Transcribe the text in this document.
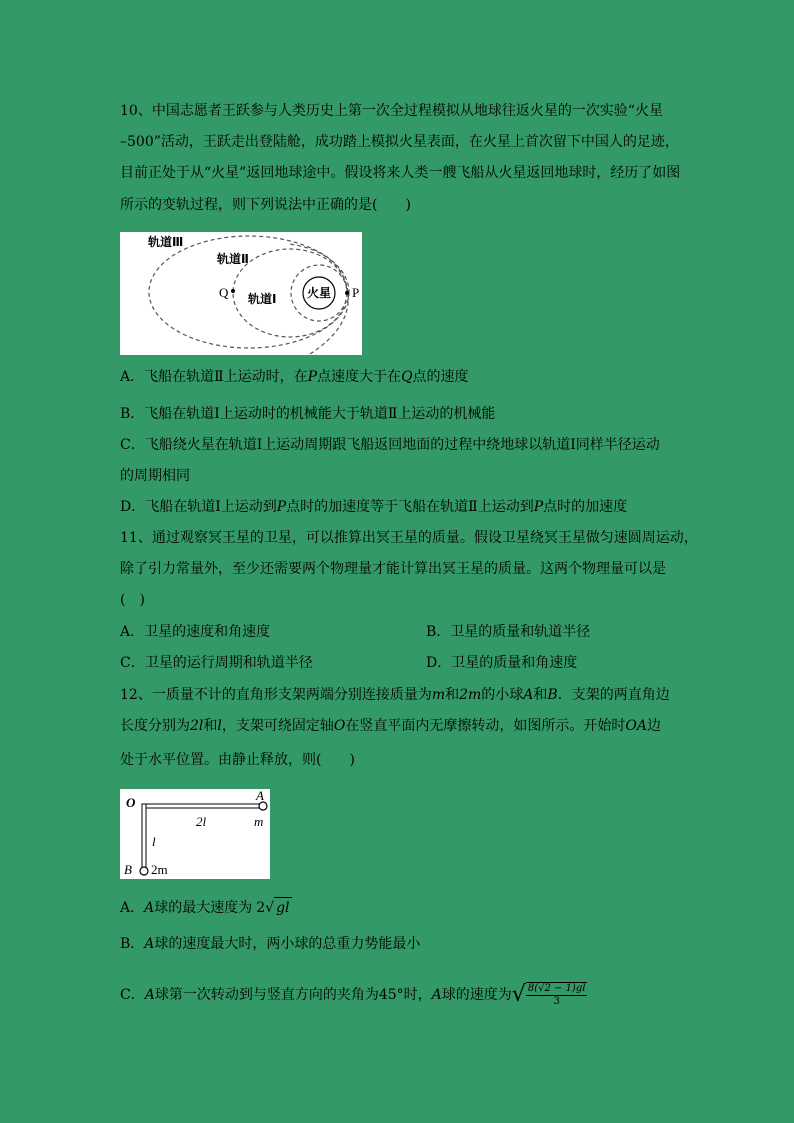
10、中国志愿者王跃参与人类历史上第一次全过程模拟从地球往返火星的一次实验“火星
–500”活动，王跃走出登陆舱，成功踏上模拟火星表面，在火星上首次留下中国人的足迹，
目前正处于从“火星”返回地球途中。假设将来人类一艘飞船从火星返回地球时，经历了如图
所示的变轨过程，则下列说法中正确的是(　　)
轨道Ⅲ
轨道Ⅱ
轨道Ⅰ	火星
Q	P
A．飞船在轨道Ⅱ上运动时，在P点速度大于在Q点的速度
B．飞船在轨道Ⅰ上运动时的机械能大于轨道Ⅱ上运动的机械能
C．飞船绕火星在轨道Ⅰ上运动周期跟飞船返回地面的过程中绕地球以轨道Ⅰ同样半径运动
的周期相同
D．飞船在轨道Ⅰ上运动到P点时的加速度等于飞船在轨道Ⅱ上运动到P点时的加速度
11、通过观察冥王星的卫星，可以推算出冥王星的质量。假设卫星绕冥王星做匀速圆周运动，
除了引力常量外，至少还需要两个物理量才能计算出冥王星的质量。这两个物理量可以是
(　)
A．卫星的速度和角速度	B．卫星的质量和轨道半径
C．卫星的运行周期和轨道半径	D．卫星的质量和角速度
12、一质量不计的直角形支架两端分别连接质量为m和2m的小球A和B．支架的两直角边
长度分别为2l和l，支架可绕固定轴O在竖直平面内无摩擦转动，如图所示。开始时OA边
处于水平位置。由静止释放，则(　　)
O	A
m
2l
l
B 2m
A．A球的最大速度为 2√ gl
B．A球的速度最大时，两小球的总重力势能最小
C．A球第一次转动到与竖直方向的夹角为45°时，A球的速度为√ $\frac{8(√2 - 1)gl}{3}$
